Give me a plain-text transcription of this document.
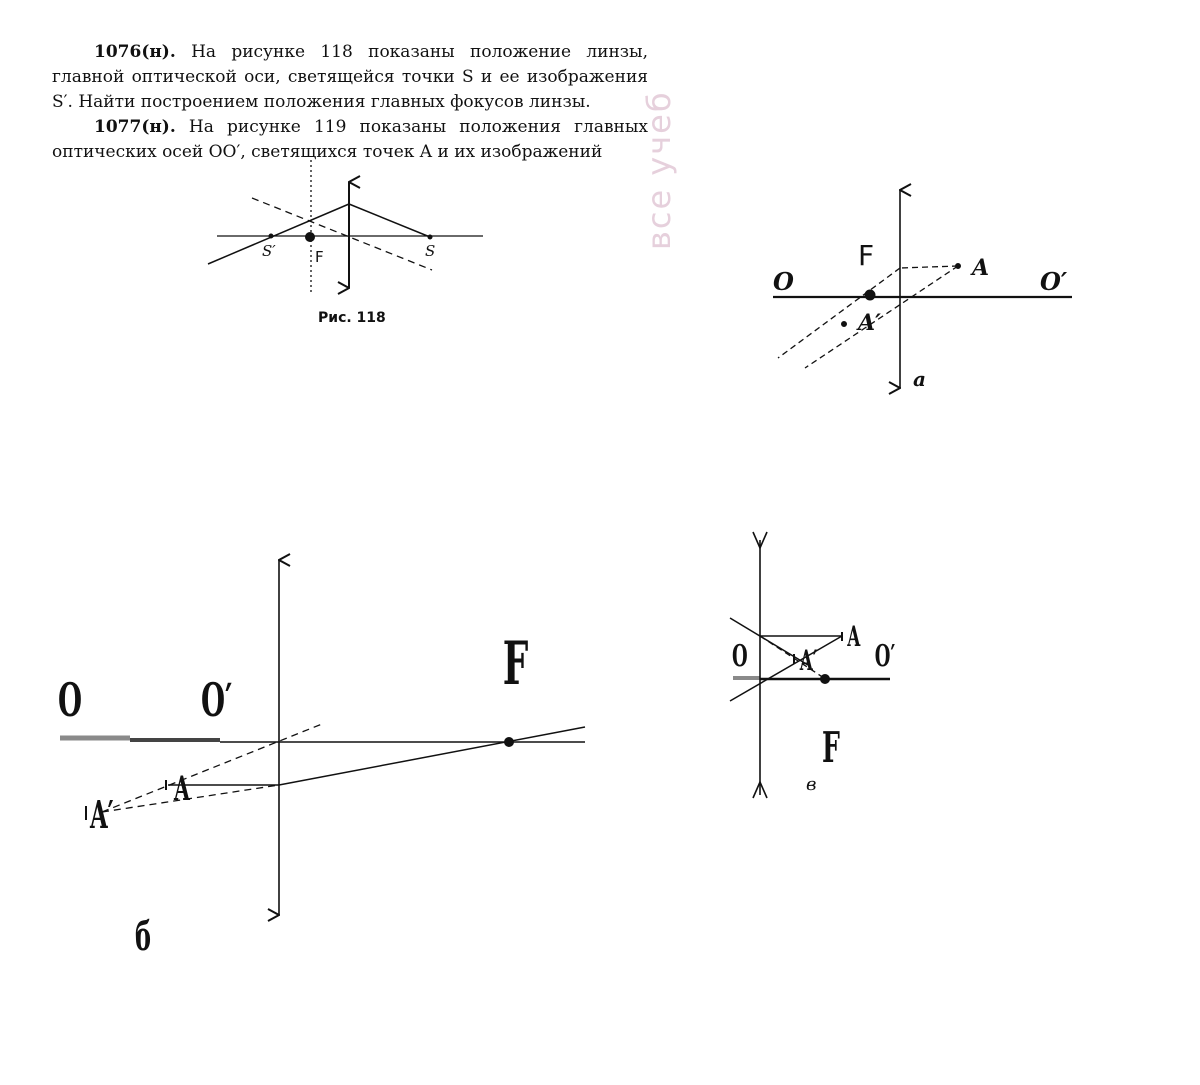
1076(н). На рисунке 118 показаны положение линзы, главной оптической оси, светящейся точки S и ее изображения S′. Найти построением положения главных фокусов линзы.

1077(н). На рисунке 119 показаны положения главных оптических осей OO′, светящихся точек A и их изображений	все учеб
S′	F	S
Рис. 118
F
O	O′
A
A′
a
O	O′
A
A′
F
б
O	O′
A
A′
F
в
